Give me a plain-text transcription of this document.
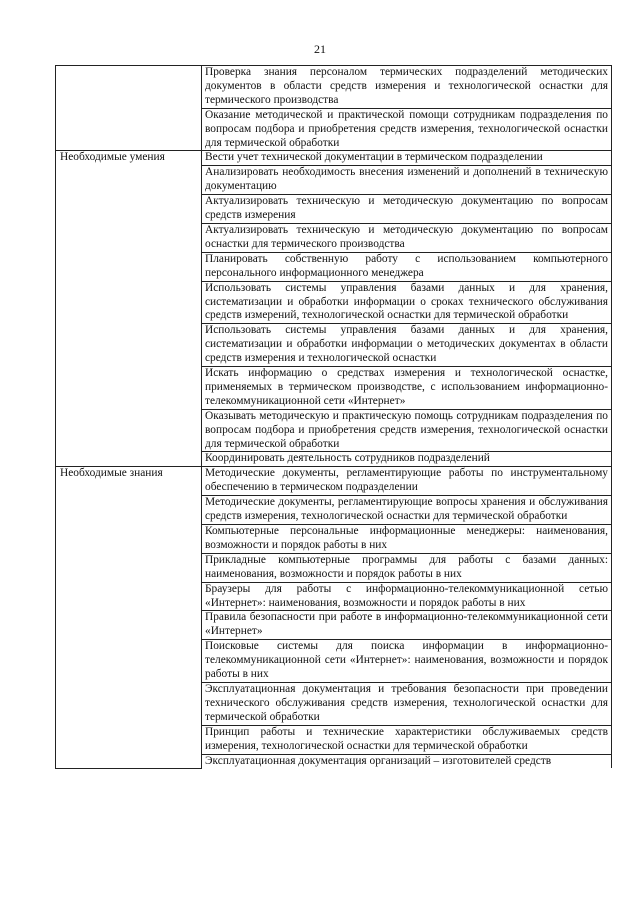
21
	Проверка знания персоналом термических подразделений методических документов в области средств измерения и технологической оснастки для термического производства
	Оказание методической и практической помощи сотрудникам подразделения по вопросам подбора и приобретения средств измерения, технологической оснастки для термической обработки
Необходимые умения	Вести учет технической документации в термическом подразделении
	Анализировать необходимость внесения изменений и дополнений в техническую документацию
	Актуализировать техническую и методическую документацию по вопросам средств измерения
	Актуализировать техническую и методическую документацию по вопросам оснастки для термического производства
	Планировать собственную работу с использованием компьютерного персонального информационного менеджера
	Использовать системы управления базами данных и для хранения, систематизации и обработки информации о сроках технического обслуживания средств измерений, технологической оснастки для термической обработки
	Использовать системы управления базами данных и для хранения, систематизации и обработки информации о методических документах в области средств измерения и технологической оснастки
	Искать информацию о средствах измерения и технологической оснастке, применяемых в термическом производстве, с использованием информационно-телекоммуникационной сети «Интернет»
	Оказывать методическую и практическую помощь сотрудникам подразделения по вопросам подбора и приобретения средств измерения, технологической оснастки для термической обработки
	Координировать деятельность сотрудников подразделений
Необходимые знания	Методические документы, регламентирующие работы по инструментальному обеспечению в термическом подразделении
	Методические документы, регламентирующие вопросы хранения и обслуживания средств измерения, технологической оснастки для термической обработки
	Компьютерные персональные информационные менеджеры: наименования, возможности и порядок работы в них
	Прикладные компьютерные программы для работы с базами данных: наименования, возможности и порядок работы в них
	Браузеры для работы с информационно-телекоммуникационной сетью «Интернет»: наименования, возможности и порядок работы в них
	Правила безопасности при работе в информационно-телекоммуникационной сети «Интернет»
	Поисковые системы для поиска информации в информационно-телекоммуникационной сети «Интернет»: наименования, возможности и порядок работы в них
	Эксплуатационная документация и требования безопасности при проведении технического обслуживания средств измерения, технологической оснастки для термической обработки
	Принцип работы и технические характеристики обслуживаемых средств измерения, технологической оснастки для термической обработки
	Эксплуатационная документация организаций – изготовителей средств
